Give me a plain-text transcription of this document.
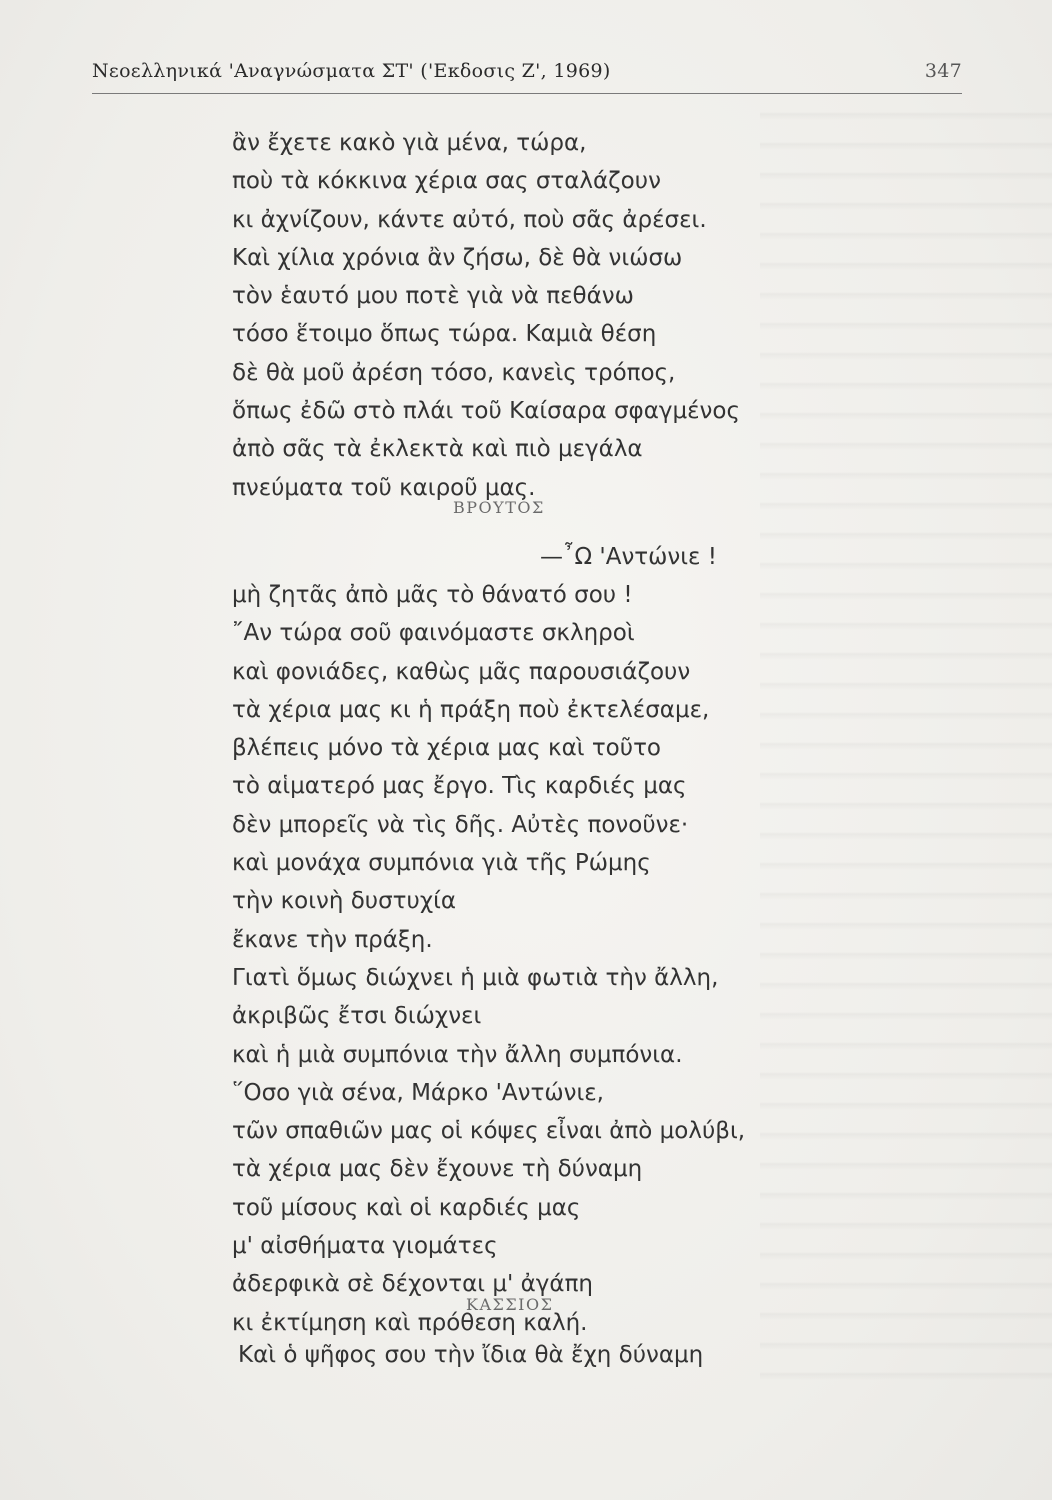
Νεοελληνικά 'Αναγνώσματα ΣΤ' ('Εκδοσις Ζ', 1969)	347
ἂν ἔχετε κακὸ γιὰ μένα, τώρα,
ποὺ τὰ κόκκινα χέρια σας σταλάζουν
κι ἀχνίζουν, κάντε αὐτό, ποὺ σᾶς ἀρέσει.
Καὶ χίλια χρόνια ἂν ζήσω, δὲ θὰ νιώσω
τὸν ἑαυτό μου ποτὲ γιὰ νὰ πεθάνω
τόσο ἕτοιμο ὅπως τώρα. Καμιὰ θέση
δὲ θὰ μοῦ ἀρέση τόσο, κανεὶς τρόπος,
ὅπως ἐδῶ στὸ πλάι τοῦ Καίσαρα σφαγμένος
ἀπὸ σᾶς τὰ ἐκλεκτὰ καὶ πιὸ μεγάλα
πνεύματα τοῦ καιροῦ μας.
ΒΡΟΥΤΟΣ
—῏Ω 'Αντώνιε !
μὴ ζητᾶς ἀπὸ μᾶς τὸ θάνατό σου !
῎Αν τώρα σοῦ φαινόμαστε σκληροὶ
καὶ φονιάδες, καθὼς μᾶς παρουσιάζουν
τὰ χέρια μας κι ἡ πράξη ποὺ ἐκτελέσαμε,
βλέπεις μόνο τὰ χέρια μας καὶ τοῦτο
τὸ αἱματερό μας ἔργο. Τὶς καρδιές μας
δὲν μπορεῖς νὰ τὶς δῆς. Αὐτὲς πονοῦνε·
καὶ μονάχα συμπόνια γιὰ τῆς Ρώμης
τὴν κοινὴ δυστυχία
ἔκανε τὴν πράξη.
Γιατὶ ὅμως διώχνει ἡ μιὰ φωτιὰ τὴν ἄλλη,
ἀκριβῶς ἔτσι διώχνει
καὶ ἡ μιὰ συμπόνια τὴν ἄλλη συμπόνια.
῞Οσο γιὰ σένα, Μάρκο 'Αντώνιε,
τῶν σπαθιῶν μας οἱ κόψες εἶναι ἀπὸ μολύβι,
τὰ χέρια μας δὲν ἔχουνε τὴ δύναμη
τοῦ μίσους καὶ οἱ καρδιές μας
μ' αἰσθήματα γιομάτες
ἀδερφικὰ σὲ δέχονται μ' ἀγάπη
κι ἐκτίμηση καὶ πρόθεση καλή.
ΚΑΣΣΙΟΣ
Καὶ ὁ ψῆφος σου τὴν ἴδια θὰ ἔχη δύναμη
